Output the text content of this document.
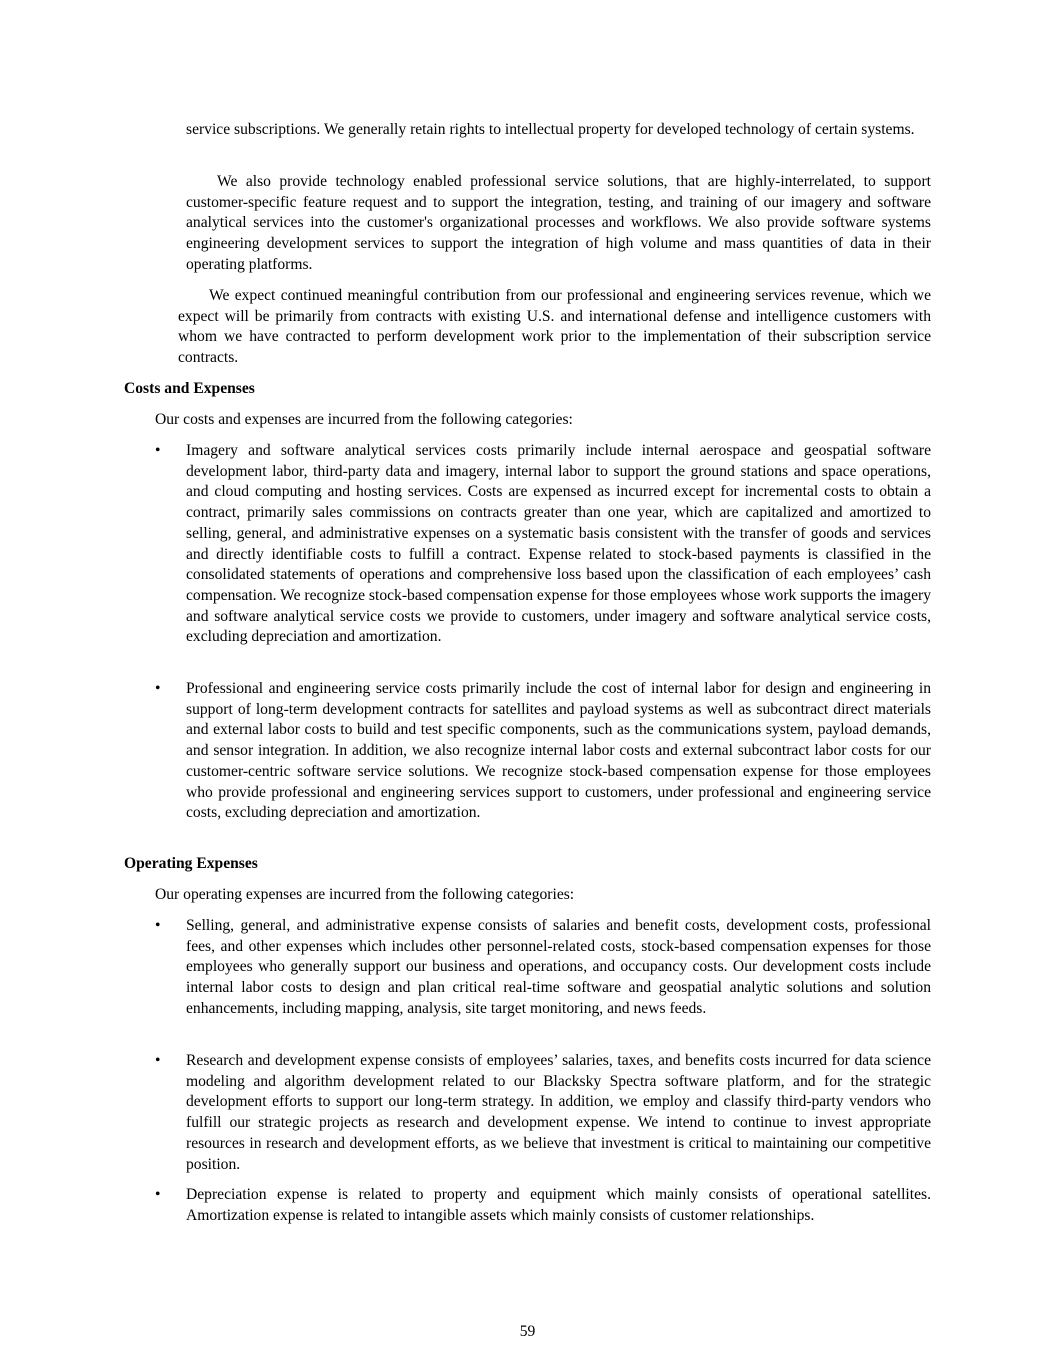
service subscriptions. We generally retain rights to intellectual property for developed technology of certain systems.

We also provide technology enabled professional service solutions, that are highly-interrelated, to support customer-specific feature request and to support the integration, testing, and training of our imagery and software analytical services into the customer's organizational processes and workflows. We also provide software systems engineering development services to support the integration of high volume and mass quantities of data in their operating platforms.

We expect continued meaningful contribution from our professional and engineering services revenue, which we expect will be primarily from contracts with existing U.S. and international defense and intelligence customers with whom we have contracted to perform development work prior to the implementation of their subscription service contracts.

Costs and Expenses
Our costs and expenses are incurred from the following categories:
• Imagery and software analytical services costs primarily include internal aerospace and geospatial software development labor, third-party data and imagery, internal labor to support the ground stations and space operations, and cloud computing and hosting services. Costs are expensed as incurred except for incremental costs to obtain a contract, primarily sales commissions on contracts greater than one year, which are capitalized and amortized to selling, general, and administrative expenses on a systematic basis consistent with the transfer of goods and services and directly identifiable costs to fulfill a contract. Expense related to stock-based payments is classified in the consolidated statements of operations and comprehensive loss based upon the classification of each employees’ cash compensation. We recognize stock-based compensation expense for those employees whose work supports the imagery and software analytical service costs we provide to customers, under imagery and software analytical service costs, excluding depreciation and amortization.
• Professional and engineering service costs primarily include the cost of internal labor for design and engineering in support of long-term development contracts for satellites and payload systems as well as subcontract direct materials and external labor costs to build and test specific components, such as the communications system, payload demands, and sensor integration. In addition, we also recognize internal labor costs and external subcontract labor costs for our customer-centric software service solutions. We recognize stock-based compensation expense for those employees who provide professional and engineering services support to customers, under professional and engineering service costs, excluding depreciation and amortization.
Operating Expenses
Our operating expenses are incurred from the following categories:
• Selling, general, and administrative expense consists of salaries and benefit costs, development costs, professional fees, and other expenses which includes other personnel-related costs, stock-based compensation expenses for those employees who generally support our business and operations, and occupancy costs. Our development costs include internal labor costs to design and plan critical real-time software and geospatial analytic solutions and solution enhancements, including mapping, analysis, site target monitoring, and news feeds.
• Research and development expense consists of employees’ salaries, taxes, and benefits costs incurred for data science modeling and algorithm development related to our Blacksky Spectra software platform, and for the strategic development efforts to support our long-term strategy. In addition, we employ and classify third-party vendors who fulfill our strategic projects as research and development expense. We intend to continue to invest appropriate resources in research and development efforts, as we believe that investment is critical to maintaining our competitive position.
• Depreciation expense is related to property and equipment which mainly consists of operational satellites. Amortization expense is related to intangible assets which mainly consists of customer relationships.
59
